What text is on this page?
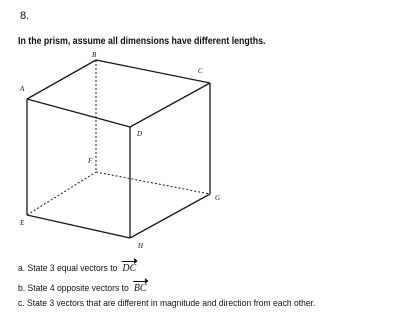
8.
In the prism, assume all dimensions have different lengths.
B
C
A
D
F
G
E
H
a. State 3 equal vectors to DC
b. State 4 opposite vectors to BC
c. State 3 vectors that are different in magnitude and direction from each other.
